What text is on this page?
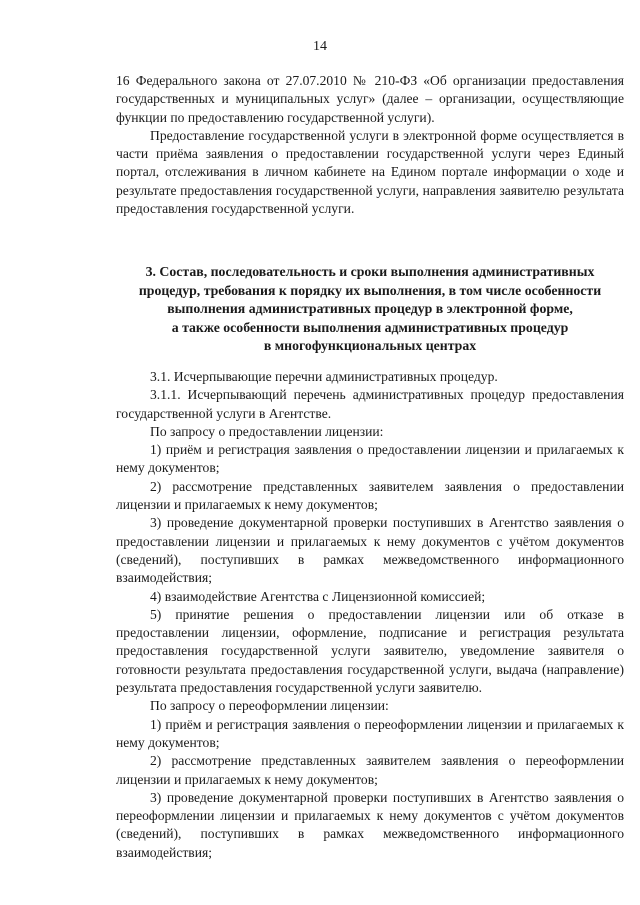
14

16 Федерального закона от 27.07.2010 № 210-ФЗ «Об организации предоставления государственных и муниципальных услуг» (далее – организации, осуществляющие функции по предоставлению государственной услуги).

Предоставление государственной услуги в электронной форме осуществляется в части приёма заявления о предоставлении государственной услуги через Единый портал, отслеживания в личном кабинете на Едином портале информации о ходе и результате предоставления государственной услуги, направления заявителю результата предоставления государственной услуги.

3. Состав, последовательность и сроки выполнения административных
процедур, требования к порядку их выполнения, в том числе особенности
выполнения административных процедур в электронной форме,
а также особенности выполнения административных процедур
в многофункциональных центрах

3.1. Исчерпывающие перечни административных процедур.

3.1.1. Исчерпывающий перечень административных процедур предоставления государственной услуги в Агентстве.

По запросу о предоставлении лицензии:

1) приём и регистрация заявления о предоставлении лицензии и прилагаемых к нему документов;

2) рассмотрение представленных заявителем заявления о предоставлении лицензии и прилагаемых к нему документов;

3) проведение документарной проверки поступивших в Агентство заявления о предоставлении лицензии и прилагаемых к нему документов с учётом документов (сведений), поступивших в рамках межведомственного информационного взаимодействия;

4) взаимодействие Агентства с Лицензионной комиссией;

5) принятие решения о предоставлении лицензии или об отказе в предоставлении лицензии, оформление, подписание и регистрация результата предоставления государственной услуги заявителю, уведомление заявителя о готовности результата предоставления государственной услуги, выдача (направление) результата предоставления государственной услуги заявителю.

По запросу о переоформлении лицензии:

1) приём и регистрация заявления о переоформлении лицензии и прилагаемых к нему документов;

2) рассмотрение представленных заявителем заявления о переоформлении лицензии и прилагаемых к нему документов;

3) проведение документарной проверки поступивших в Агентство заявления о переоформлении лицензии и прилагаемых к нему документов с учётом документов (сведений), поступивших в рамках межведомственного информационного взаимодействия;
